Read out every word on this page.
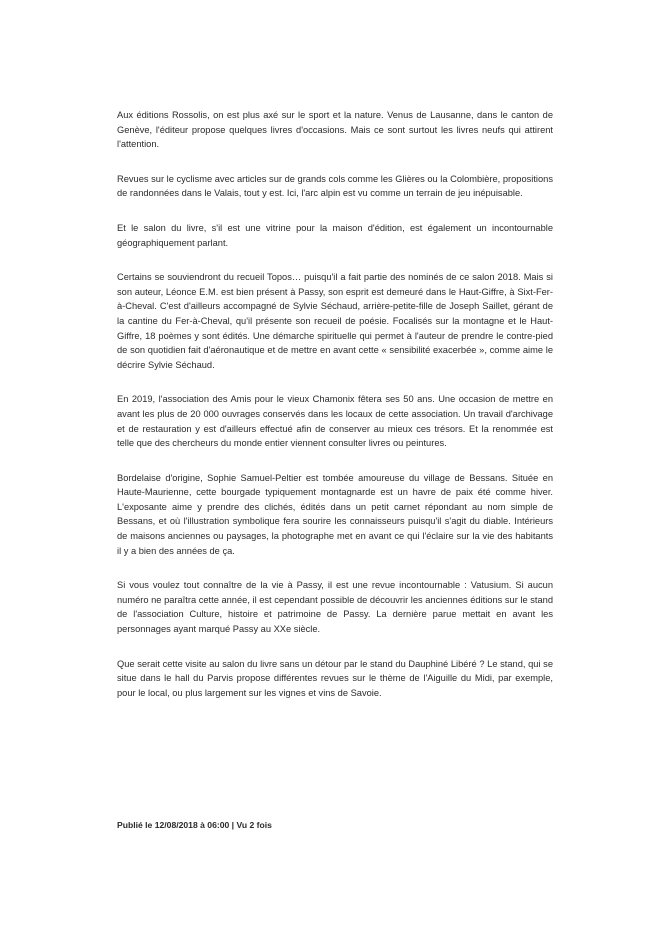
Aux éditions Rossolis, on est plus axé sur le sport et la nature. Venus de Lausanne, dans le canton de Genève, l'éditeur propose quelques livres d'occasions. Mais ce sont surtout les livres neufs qui attirent l'attention.

Revues sur le cyclisme avec articles sur de grands cols comme les Glières ou la Colombière, propositions de randonnées dans le Valais, tout y est. Ici, l'arc alpin est vu comme un terrain de jeu inépuisable.

Et le salon du livre, s'il est une vitrine pour la maison d'édition, est également un incontournable géographiquement parlant.

Certains se souviendront du recueil Topos… puisqu'il a fait partie des nominés de ce salon 2018. Mais si son auteur, Léonce E.M. est bien présent à Passy, son esprit est demeuré dans le Haut-Giffre, à Sixt-Fer-à-Cheval. C'est d'ailleurs accompagné de Sylvie Séchaud, arrière-petite-fille de Joseph Saillet, gérant de la cantine du Fer-à-Cheval, qu'il présente son recueil de poésie. Focalisés sur la montagne et le Haut-Giffre, 18 poèmes y sont édités. Une démarche spirituelle qui permet à l'auteur de prendre le contre-pied de son quotidien fait d'aéronautique et de mettre en avant cette « sensibilité exacerbée », comme aime le décrire Sylvie Séchaud.

En 2019, l'association des Amis pour le vieux Chamonix fêtera ses 50 ans. Une occasion de mettre en avant les plus de 20 000 ouvrages conservés dans les locaux de cette association. Un travail d'archivage et de restauration y est d'ailleurs effectué afin de conserver au mieux ces trésors. Et la renommée est telle que des chercheurs du monde entier viennent consulter livres ou peintures.

Bordelaise d'origine, Sophie Samuel-Peltier est tombée amoureuse du village de Bessans. Située en Haute-Maurienne, cette bourgade typiquement montagnarde est un havre de paix été comme hiver. L'exposante aime y prendre des clichés, édités dans un petit carnet répondant au nom simple de Bessans, et où l'illustration symbolique fera sourire les connaisseurs puisqu'il s'agit du diable. Intérieurs de maisons anciennes ou paysages, la photographe met en avant ce qui l'éclaire sur la vie des habitants il y a bien des années de ça.

Si vous voulez tout connaître de la vie à Passy, il est une revue incontournable : Vatusium. Si aucun numéro ne paraîtra cette année, il est cependant possible de découvrir les anciennes éditions sur le stand de l'association Culture, histoire et patrimoine de Passy. La dernière parue mettait en avant les personnages ayant marqué Passy au XXe siècle.

Que serait cette visite au salon du livre sans un détour par le stand du Dauphiné Libéré ? Le stand, qui se situe dans le hall du Parvis propose différentes revues sur le thème de l'Aiguille du Midi, par exemple, pour le local, ou plus largement sur les vignes et vins de Savoie.

Publié le 12/08/2018 à 06:00 | Vu 2 fois
